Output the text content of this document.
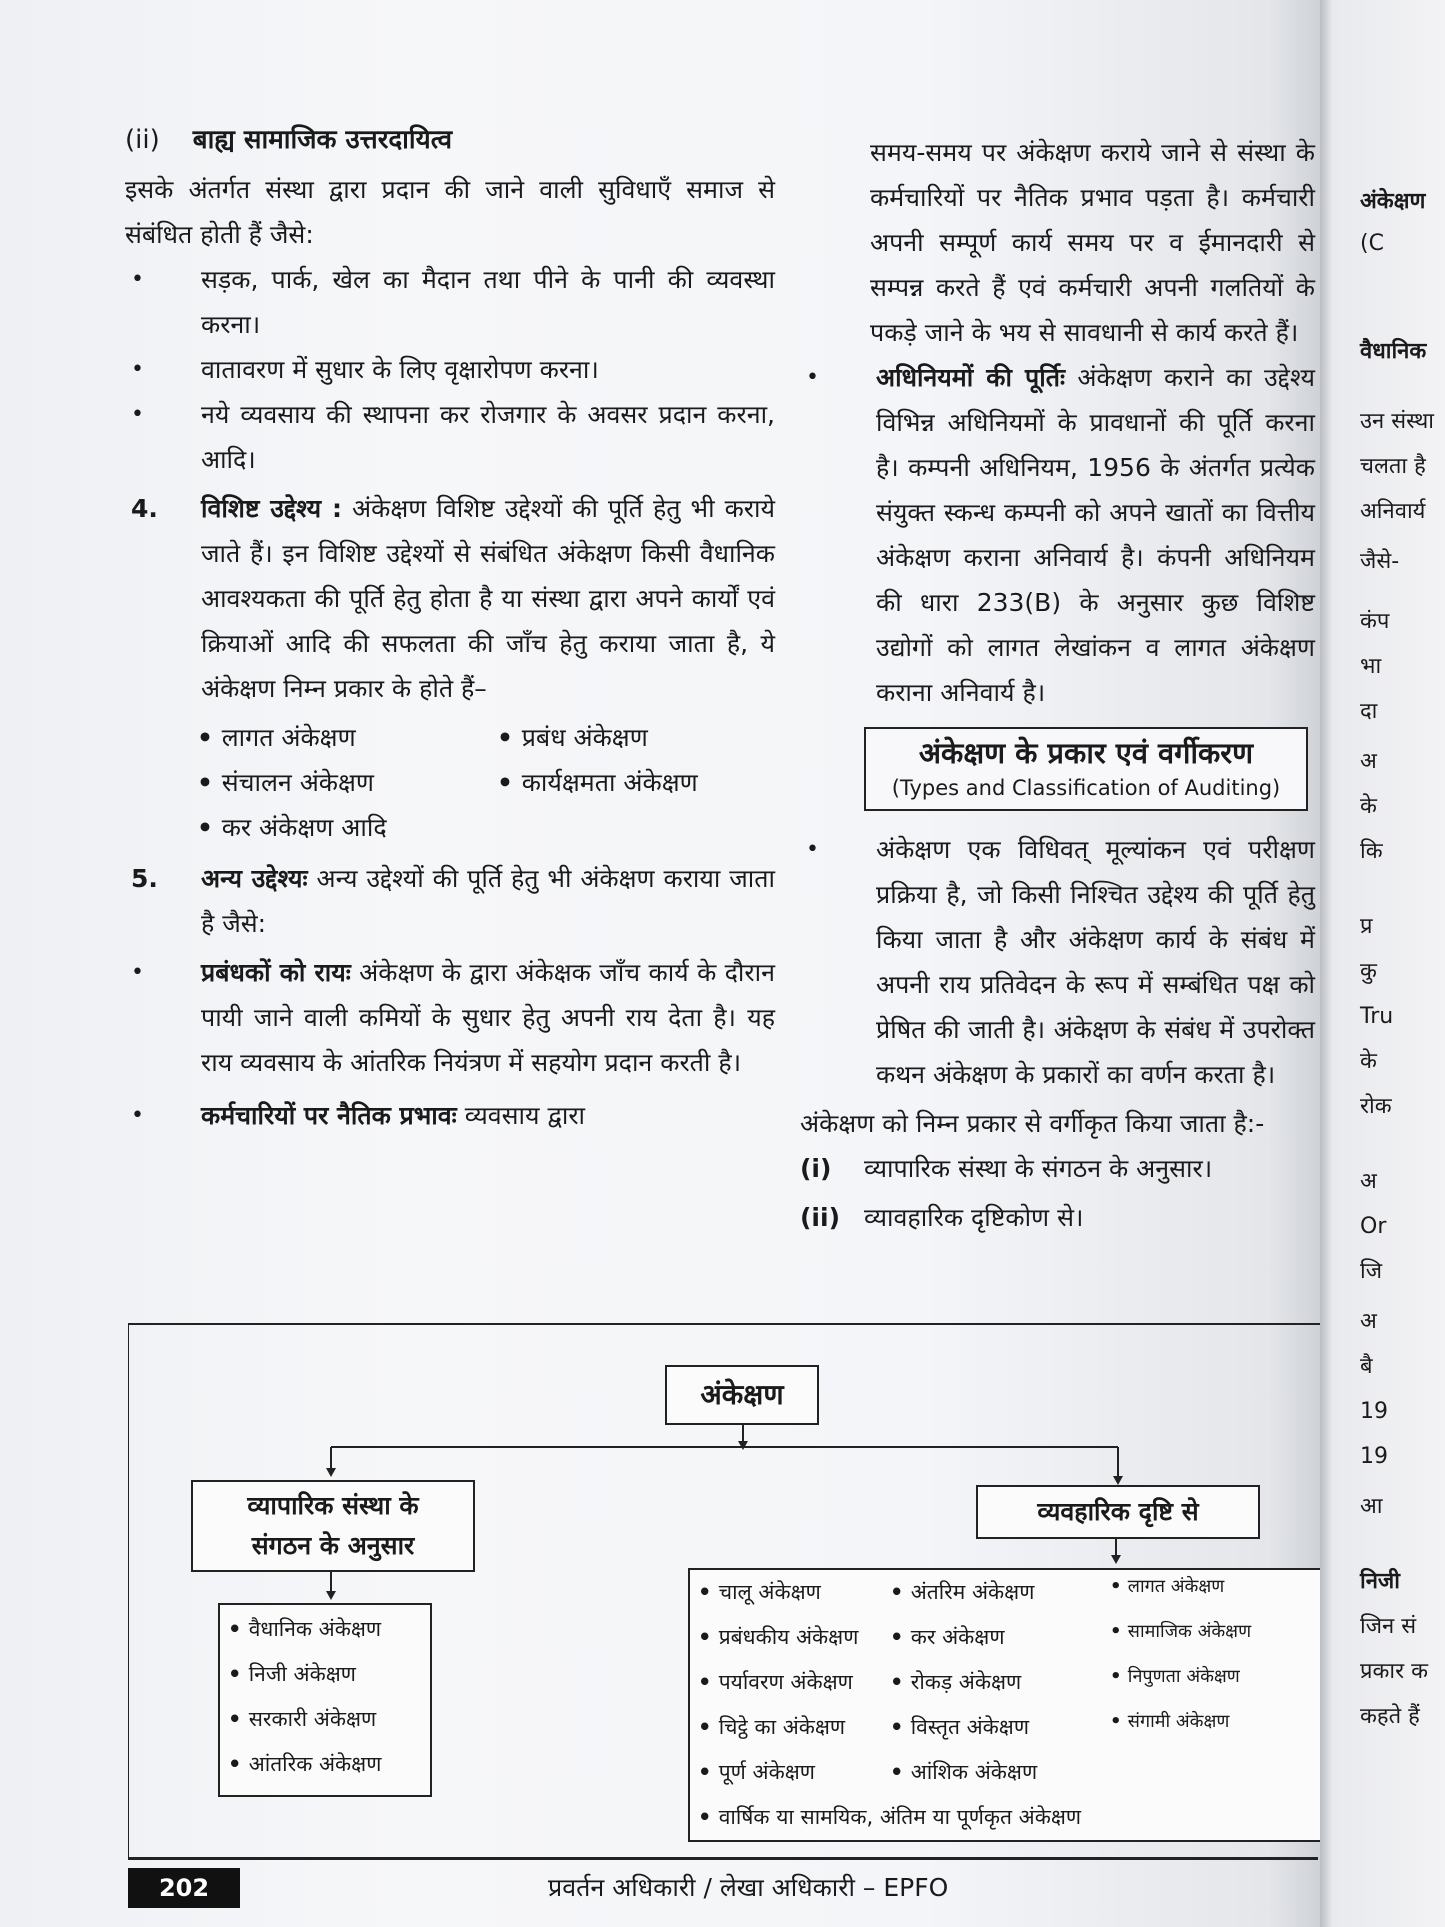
(ii) बाह्य सामाजिक उत्तरदायित्व

इसके अंतर्गत संस्था द्वारा प्रदान की जाने वाली सुविधाएँ समाज से संबंधित होती हैं जैसे:

•	सड़क, पार्क, खेल का मैदान तथा पीने के पानी की व्यवस्था करना।
•	वातावरण में सुधार के लिए वृक्षारोपण करना।
•	नये व्यवसाय की स्थापना कर रोजगार के अवसर प्रदान करना, आदि।
4.	विशिष्ट उद्देश्य : अंकेक्षण विशिष्ट उद्देश्यों की पूर्ति हेतु भी कराये जाते हैं। इन विशिष्ट उद्देश्यों से संबंधित अंकेक्षण किसी वैधानिक आवश्यकता की पूर्ति हेतु होता है या संस्था द्वारा अपने कार्यों एवं क्रियाओं आदि की सफलता की जाँच हेतु कराया जाता है, ये अंकेक्षण निम्न प्रकार के होते हैं–
• लागत अंकेक्षण	• प्रबंध अंकेक्षण
• संचालन अंकेक्षण	• कार्यक्षमता अंकेक्षण
• कर अंकेक्षण आदि
5.	अन्य उद्देश्यः अन्य उद्देश्यों की पूर्ति हेतु भी अंकेक्षण कराया जाता है जैसे:
•	प्रबंधकों को रायः अंकेक्षण के द्वारा अंकेक्षक जाँच कार्य के दौरान पायी जाने वाली कमियों के सुधार हेतु अपनी राय देता है। यह राय व्यवसाय के आंतरिक नियंत्रण में सहयोग प्रदान करती है।
•	कर्मचारियों पर नैतिक प्रभावः व्यवसाय द्वारा

समय-समय पर अंकेक्षण कराये जाने से संस्था के कर्मचारियों पर नैतिक प्रभाव पड़ता है। कर्मचारी अपनी सम्पूर्ण कार्य समय पर व ईमानदारी से सम्पन्न करते हैं एवं कर्मचारी अपनी गलतियों के पकड़े जाने के भय से सावधानी से कार्य करते हैं।

•	अधिनियमों की पूर्तिः अंकेक्षण कराने का उद्देश्य विभिन्न अधिनियमों के प्रावधानों की पूर्ति करना है। कम्पनी अधिनियम, 1956 के अंतर्गत प्रत्येक संयुक्त स्कन्ध कम्पनी को अपने खातों का वित्तीय अंकेक्षण कराना अनिवार्य है। कंपनी अधिनियम की धारा 233(B) के अनुसार कुछ विशिष्ट उद्योगों को लागत लेखांकन व लागत अंकेक्षण कराना अनिवार्य है।
अंकेक्षण के प्रकार एवं वर्गीकरण
(Types and Classification of Auditing)
•	अंकेक्षण एक विधिवत् मूल्यांकन एवं परीक्षण प्रक्रिया है, जो किसी निश्चित उद्देश्य की पूर्ति हेतु किया जाता है और अंकेक्षण कार्य के संबंध में अपनी राय प्रतिवेदन के रूप में सम्बंधित पक्ष को प्रेषित की जाती है। अंकेक्षण के संबंध में उपरोक्त कथन अंकेक्षण के प्रकारों का वर्णन करता है।

अंकेक्षण को निम्न प्रकार से वर्गीकृत किया जाता है:-

(i)	व्यापारिक संस्था के संगठन के अनुसार।
(ii) व्यावहारिक दृष्टिकोण से।
अंकेक्षण
व्यापारिक संस्था के संगठन के अनुसार
व्यवहारिक दृष्टि से
• वैधानिक अंकेक्षण
• निजी अंकेक्षण
• सरकारी अंकेक्षण
• आंतरिक अंकेक्षण
• चालू अंकेक्षण
• प्रबंधकीय अंकेक्षण
• पर्यावरण अंकेक्षण
• चिट्ठे का अंकेक्षण
• पूर्ण अंकेक्षण
• अंतरिम अंकेक्षण
• कर अंकेक्षण
• रोकड़ अंकेक्षण
• विस्तृत अंकेक्षण
• आंशिक अंकेक्षण
• लागत अंकेक्षण
• सामाजिक अंकेक्षण
• निपुणता अंकेक्षण
• संगामी अंकेक्षण
• वार्षिक या सामयिक, अंतिम या पूर्णकृत अंकेक्षण
202	प्रवर्तन अधिकारी / लेखा अधिकारी – EPFO
अंकेक्षण
(C
वैधानिक
उन संस्था
चलता है
अनिवार्य
जैसे-
कंप
भा
दा
अ
के
कि
प्र
कु
Tru
के
रोक
अ
Or
जि
अ
बै
19
19
आ
निजी
जिन सं
प्रकार क
कहते हैं
